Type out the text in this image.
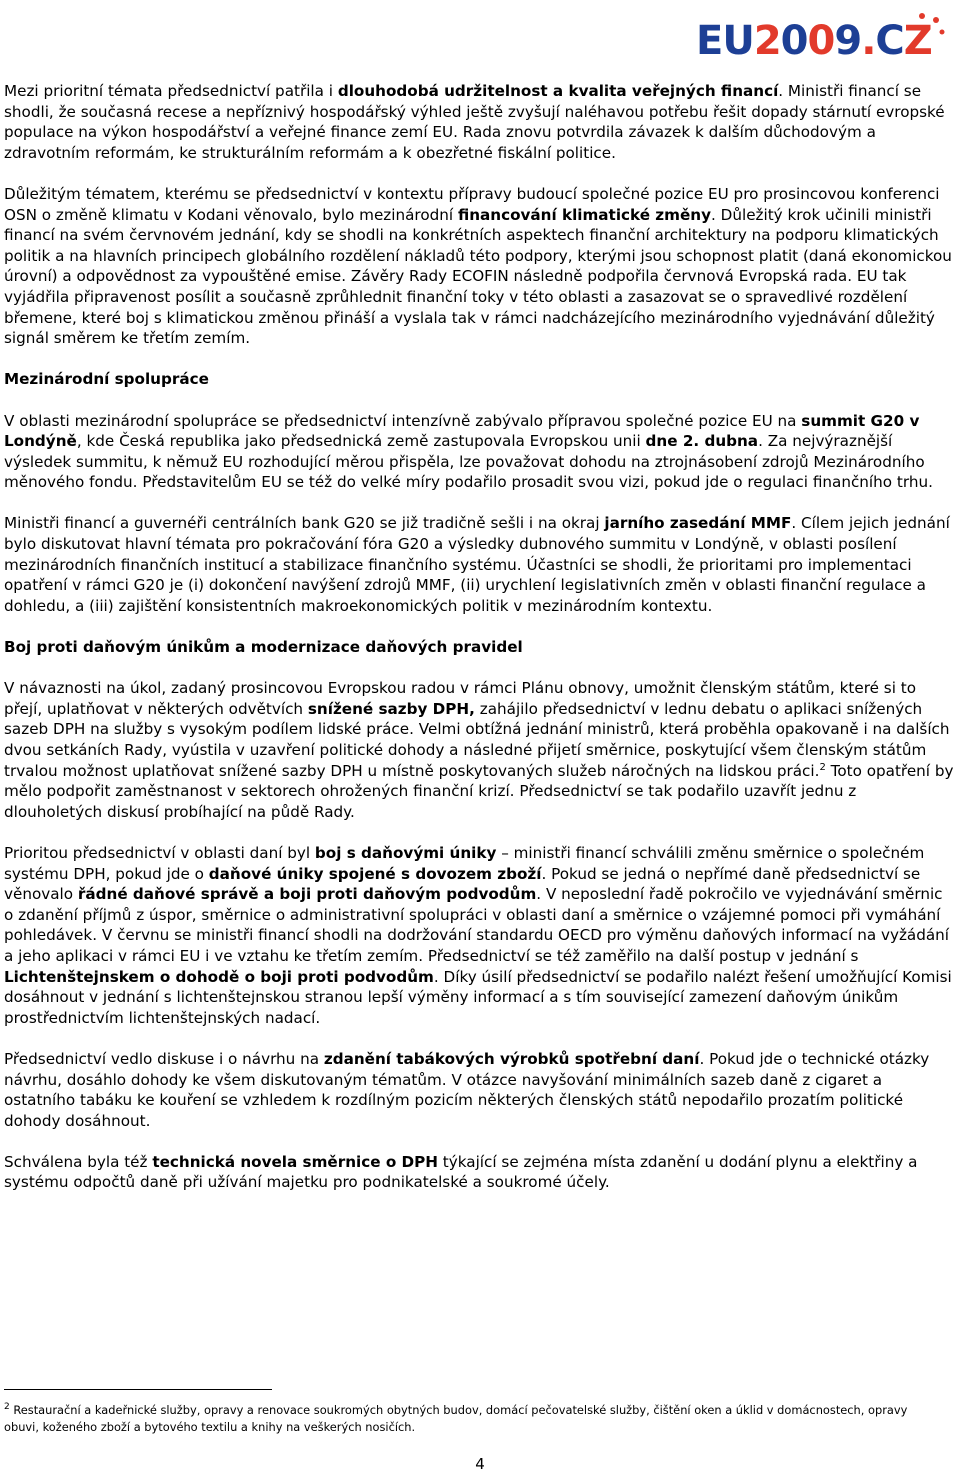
EU2009.CZ

Mezi prioritní témata předsednictví patřila i dlouhodobá udržitelnost a kvalita veřejných financí. Ministři financí se shodli, že současná recese a nepříznivý hospodářský výhled ještě zvyšují naléhavou potřebu řešit dopady stárnutí evropské populace na výkon hospodářství a veřejné finance zemí EU. Rada znovu potvrdila závazek k dalším důchodovým a zdravotním reformám, ke strukturálním reformám a k obezřetné fiskální politice.

Důležitým tématem, kterému se předsednictví v kontextu přípravy budoucí společné pozice EU pro prosincovou konferenci OSN o změně klimatu v Kodani věnovalo, bylo mezinárodní financování klimatické změny. Důležitý krok učinili ministři financí na svém červnovém jednání, kdy se shodli na konkrétních aspektech finanční architektury na podporu klimatických politik a na hlavních principech globálního rozdělení nákladů této podpory, kterými jsou schopnost platit (daná ekonomickou úrovní) a odpovědnost za vypouštěné emise. Závěry Rady ECOFIN následně podpořila červnová Evropská rada. EU tak vyjádřila připravenost posílit a současně zprůhlednit finanční toky v této oblasti a zasazovat se o spravedlivé rozdělení břemene, které boj s klimatickou změnou přináší a vyslala tak v rámci nadcházejícího mezinárodního vyjednávání důležitý signál směrem ke třetím zemím.

Mezinárodní spolupráce

V oblasti mezinárodní spolupráce se předsednictví intenzívně zabývalo přípravou společné pozice EU na summit G20 v Londýně, kde Česká republika jako předsednická země zastupovala Evropskou unii dne 2. dubna. Za nejvýraznější výsledek summitu, k němuž EU rozhodující měrou přispěla, lze považovat dohodu na ztrojnásobení zdrojů Mezinárodního měnového fondu. Představitelům EU se též do velké míry podařilo prosadit svou vizi, pokud jde o regulaci finančního trhu.

Ministři financí a guvernéři centrálních bank G20 se již tradičně sešli i na okraj jarního zasedání MMF. Cílem jejich jednání bylo diskutovat hlavní témata pro pokračování fóra G20 a výsledky dubnového summitu v Londýně, v oblasti posílení mezinárodních finančních institucí a stabilizace finančního systému. Účastníci se shodli, že prioritami pro implementaci opatření v rámci G20 je (i) dokončení navýšení zdrojů MMF, (ii) urychlení legislativních změn v oblasti finanční regulace a dohledu, a (iii) zajištění konsistentních makroekonomických politik v mezinárodním kontextu.

Boj proti daňovým únikům a modernizace daňových pravidel

V návaznosti na úkol, zadaný prosincovou Evropskou radou v rámci Plánu obnovy, umožnit členským státům, které si to přejí, uplatňovat v některých odvětvích snížené sazby DPH, zahájilo předsednictví v lednu debatu o aplikaci snížených sazeb DPH na služby s vysokým podílem lidské práce. Velmi obtížná jednání ministrů, která proběhla opakovaně i na dalších dvou setkáních Rady, vyústila v uzavření politické dohody a následné přijetí směrnice, poskytující všem členským státům trvalou možnost uplatňovat snížené sazby DPH u místně poskytovaných služeb náročných na lidskou práci.$^2$ Toto opatření by mělo podpořit zaměstnanost v sektorech ohrožených finanční krizí. Předsednictví se tak podařilo uzavřít jednu z dlouholetých diskusí probíhající na půdě Rady.

Prioritou předsednictví v oblasti daní byl boj s daňovými úniky – ministři financí schválili změnu směrnice o společném systému DPH, pokud jde o daňové úniky spojené s dovozem zboží. Pokud se jedná o nepřímé daně předsednictví se věnovalo řádné daňové správě a boji proti daňovým podvodům. V neposlední řadě pokročilo ve vyjednávání směrnic o zdanění příjmů z úspor, směrnice o administrativní spolupráci v oblasti daní a směrnice o vzájemné pomoci při vymáhání pohledávek. V červnu se ministři financí shodli na dodržování standardu OECD pro výměnu daňových informací na vyžádání a jeho aplikaci v rámci EU i ve vztahu ke třetím zemím. Předsednictví se též zaměřilo na další postup v jednání s Lichtenštejnskem o dohodě o boji proti podvodům. Díky úsilí předsednictví se podařilo nalézt řešení umožňující Komisi dosáhnout v jednání s lichtenštejnskou stranou lepší výměny informací a s tím související zamezení daňovým únikům prostřednictvím lichtenštejnských nadací.

Předsednictví vedlo diskuse i o návrhu na zdanění tabákových výrobků spotřební daní. Pokud jde o technické otázky návrhu, dosáhlo dohody ke všem diskutovaným tématům. V otázce navyšování minimálních sazeb daně z cigaret a ostatního tabáku ke kouření se vzhledem k rozdílným pozicím některých členských států nepodařilo prozatím politické dohody dosáhnout.

Schválena byla též technická novela směrnice o DPH týkající se zejména místa zdanění u dodání plynu a elektřiny a systému odpočtů daně při užívání majetku pro podnikatelské a soukromé účely.

$^2$ Restaurační a kadeřnické služby, opravy a renovace soukromých obytných budov, domácí pečovatelské služby, čištění oken a úklid v domácnostech, opravy obuvi, koženého zboží a bytového textilu a knihy na veškerých nosičích.
4
